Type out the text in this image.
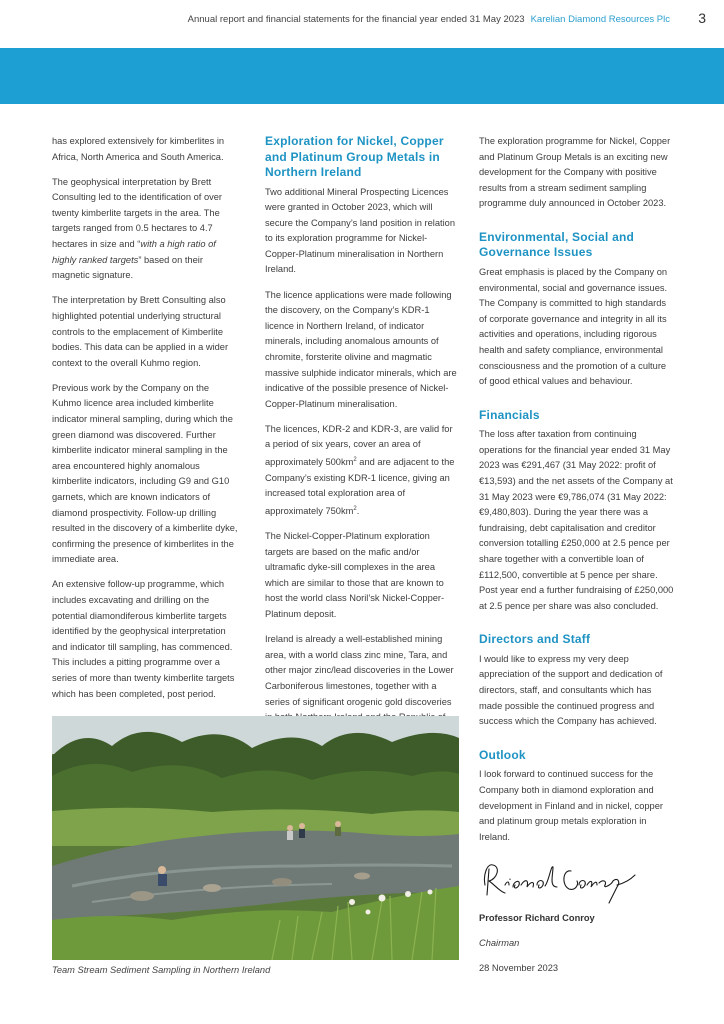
Annual report and financial statements for the financial year ended 31 May 2023 Karelian Diamond Resources Plc 3

has explored extensively for kimberlites in Africa, North America and South America.

The geophysical interpretation by Brett Consulting led to the identification of over twenty kimberlite targets in the area. The targets ranged from 0.5 hectares to 4.7 hectares in size and “with a high ratio of highly ranked targets” based on their magnetic signature.

The interpretation by Brett Consulting also highlighted potential underlying structural controls to the emplacement of Kimberlite bodies. This data can be applied in a wider context to the overall Kuhmo region.

Previous work by the Company on the Kuhmo licence area included kimberlite indicator mineral sampling, during which the green diamond was discovered. Further kimberlite indicator mineral sampling in the area encountered highly anomalous kimberlite indicators, including G9 and G10 garnets, which are known indicators of diamond prospectivity. Follow-up drilling resulted in the discovery of a kimberlite dyke, confirming the presence of kimberlites in the immediate area.

An extensive follow-up programme, which includes excavating and drilling on the potential diamondiferous kimberlite targets identified by the geophysical interpretation and indicator till sampling, has commenced. This includes a pitting programme over a series of more than twenty kimberlite targets which has been completed, post period.

Exploration for Nickel, Copper and Platinum Group Metals in Northern Ireland

Two additional Mineral Prospecting Licences were granted in October 2023, which will secure the Company’s land position in relation to its exploration programme for Nickel-Copper-Platinum mineralisation in Northern Ireland.

The licence applications were made following the discovery, on the Company’s KDR-1 licence in Northern Ireland, of indicator minerals, including anomalous amounts of chromite, forsterite olivine and magmatic massive sulphide indicator minerals, which are indicative of the possible presence of Nickel-Copper-Platinum mineralisation.

The licences, KDR-2 and KDR-3, are valid for a period of six years, cover an area of approximately $500km^2$ and are adjacent to the Company’s existing KDR-1 licence, giving an increased total exploration area of approximately $750km^2$.

The Nickel-Copper-Platinum exploration targets are based on the mafic and/or ultramafic dyke-sill complexes in the area which are similar to those that are known to host the world class Noril’sk Nickel-Copper-Platinum deposit.

Ireland is already a well-established mining area, with a world class zinc mine, Tara, and other major zinc/lead discoveries in the Lower Carboniferous limestones, together with a series of significant orogenic gold discoveries

The exploration programme for Nickel, Copper and Platinum Group Metals is an exciting new development for the Company with positive results from a stream sediment sampling programme duly announced in October 2023.

Environmental, Social and Governance Issues

Great emphasis is placed by the Company on environmental, social and governance issues. The Company is committed to high standards of corporate governance and integrity in all its activities and operations, including rigorous health and safety compliance, environmental consciousness and the promotion of a culture of good ethical values and behaviour.

Financials

The loss after taxation from continuing operations for the financial year ended 31 May 2023 was €291,467 (31 May 2022: profit of €13,593) and the net assets of the Company at 31 May 2023 were €9,786,074 (31 May 2022: €9,480,803). During the year there was a fundraising, debt capitalisation and creditor conversion totalling £250,000 at 2.5 pence per share together with a convertible loan of £112,500, convertible at 5 pence per share. Post year end a further fundraising of £250,000 at 2.5 pence per share was also concluded.

Directors and Staff

I would like to express my very deep appreciation of the support and dedication of directors, staff, and consultants which has made possible the continued progress and success which the Company has achieved.

Outlook

I look forward to continued success for the Company both in diamond exploration and development in Finland and in nickel, copper and platinum group metals exploration in Ireland.

Professor Richard Conroy

Chairman

28 November 2023

Team Stream Sediment Sampling in Northern Ireland
